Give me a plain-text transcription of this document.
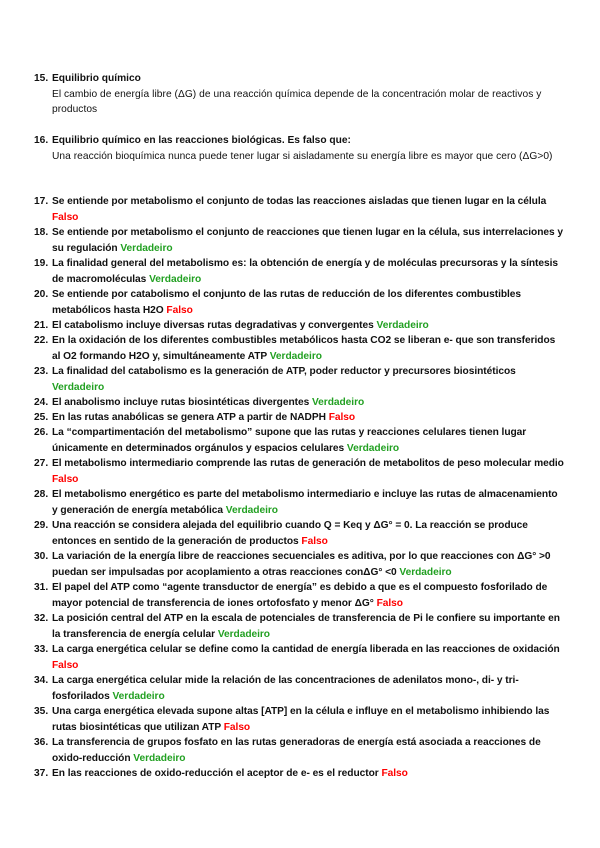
15. Equilibrio químico
El cambio de energía libre (ΔG) de una reacción química depende de la concentración molar de reactivos y productos
16. Equilibrio químico en las reacciones biológicas. Es falso que:
Una reacción bioquímica nunca puede tener lugar si aisladamente su energía libre es mayor que cero (ΔG>0)
17. Se entiende por metabolismo el conjunto de todas las reacciones aisladas que tienen lugar en la célula Falso
18. Se entiende por metabolismo el conjunto de reacciones que tienen lugar en la célula, sus interrelaciones y su regulación Verdadeiro
19. La finalidad general del metabolismo es: la obtención de energía y de moléculas precursoras y la síntesis de macromoléculas Verdadeiro
20. Se entiende por catabolismo el conjunto de las rutas de reducción de los diferentes combustibles metabólicos hasta H2O Falso
21. El catabolismo incluye diversas rutas degradativas y convergentes Verdadeiro
22. En la oxidación de los diferentes combustibles metabólicos hasta CO2 se liberan e- que son transferidos al O2 formando H2O y, simultáneamente ATP Verdadeiro
23. La finalidad del catabolismo es la generación de ATP, poder reductor y precursores biosintéticos Verdadeiro
24. El anabolismo incluye rutas biosintéticas divergentes Verdadeiro
25. En las rutas anabólicas se genera ATP a partir de NADPH Falso
26. La “compartimentación del metabolismo” supone que las rutas y reacciones celulares tienen lugar únicamente en determinados orgánulos y espacios celulares Verdadeiro
27. El metabolismo intermediario comprende las rutas de generación de metabolitos de peso molecular medio Falso
28. El metabolismo energético es parte del metabolismo intermediario e incluye las rutas de almacenamiento y generación de energía metabólica Verdadeiro
29. Una reacción se considera alejada del equilibrio cuando Q = Keq y ΔG° = 0. La reacción se produce entonces en sentido de la generación de productos Falso
30. La variación de la energía libre de reacciones secuenciales es aditiva, por lo que reacciones con ΔG° >0 puedan ser impulsadas por acoplamiento a otras reacciones conΔG° <0 Verdadeiro
31. El papel del ATP como “agente transductor de energía” es debido a que es el compuesto fosforilado de mayor potencial de transferencia de iones ortofosfato y menor ΔG° Falso
32. La posición central del ATP en la escala de potenciales de transferencia de Pi le confiere su importante en la transferencia de energía celular Verdadeiro
33. La carga energética celular se define como la cantidad de energía liberada en las reacciones de oxidación Falso
34. La carga energética celular mide la relación de las concentraciones de adenilatos mono-, di- y tri-fosforilados Verdadeiro
35. Una carga energética elevada supone altas [ATP] en la célula e influye en el metabolismo inhibiendo las rutas biosintéticas que utilizan ATP Falso
36. La transferencia de grupos fosfato en las rutas generadoras de energía está asociada a reacciones de oxido-reducción Verdadeiro
37. En las reacciones de oxido-reducción el aceptor de e- es el reductor Falso
